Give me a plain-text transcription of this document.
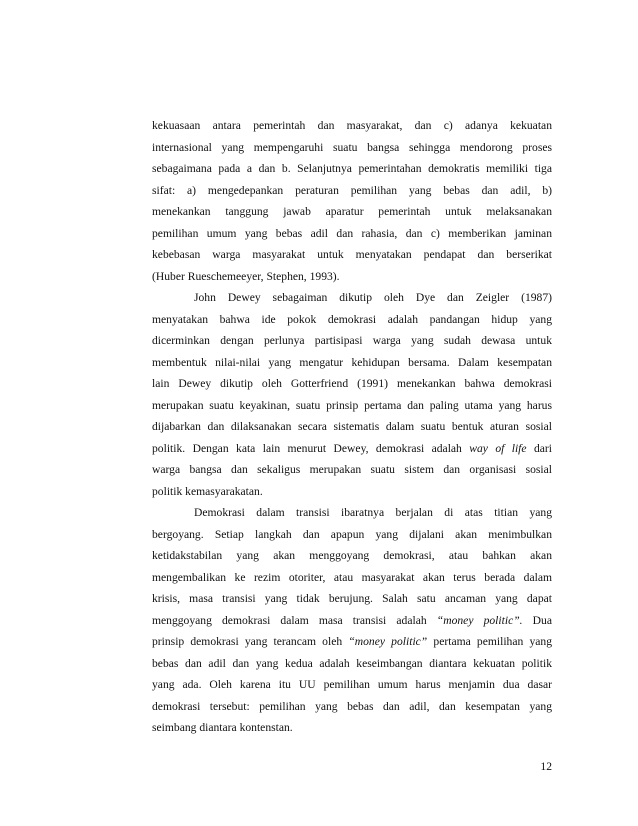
kekuasaan antara pemerintah dan masyarakat, dan c) adanya kekuatan
internasional yang mempengaruhi suatu bangsa sehingga mendorong proses
sebagaimana pada a dan b. Selanjutnya pemerintahan demokratis memiliki tiga
sifat: a) mengedepankan peraturan pemilihan yang bebas dan adil, b)
menekankan tanggung jawab aparatur pemerintah untuk melaksanakan
pemilihan umum yang bebas adil dan rahasia, dan c) memberikan jaminan
kebebasan warga masyarakat untuk menyatakan pendapat dan berserikat
(Huber Rueschemeeyer, Stephen, 1993).
John Dewey sebagaiman dikutip oleh Dye dan Zeigler (1987)
menyatakan bahwa ide pokok demokrasi adalah pandangan hidup yang
dicerminkan dengan perlunya partisipasi warga yang sudah dewasa untuk
membentuk nilai-nilai yang mengatur kehidupan bersama. Dalam kesempatan
lain Dewey dikutip oleh Gotterfriend (1991) menekankan bahwa demokrasi
merupakan suatu keyakinan, suatu prinsip pertama dan paling utama yang harus
dijabarkan dan dilaksanakan secara sistematis dalam suatu bentuk aturan sosial
politik. Dengan kata lain menurut Dewey, demokrasi adalah way of life dari
warga bangsa dan sekaligus merupakan suatu sistem dan organisasi sosial
politik kemasyarakatan.
Demokrasi dalam transisi ibaratnya berjalan di atas titian yang
bergoyang. Setiap langkah dan apapun yang dijalani akan menimbulkan
ketidakstabilan yang akan menggoyang demokrasi, atau bahkan akan
mengembalikan ke rezim otoriter, atau masyarakat akan terus berada dalam
krisis, masa transisi yang tidak berujung. Salah satu ancaman yang dapat
menggoyang demokrasi dalam masa transisi adalah “money politic”. Dua
prinsip demokrasi yang terancam oleh “money politic” pertama pemilihan yang
bebas dan adil dan yang kedua adalah keseimbangan diantara kekuatan politik
yang ada. Oleh karena itu UU pemilihan umum harus menjamin dua dasar
demokrasi tersebut: pemilihan yang bebas dan adil, dan kesempatan yang
seimbang diantara kontenstan.
12
